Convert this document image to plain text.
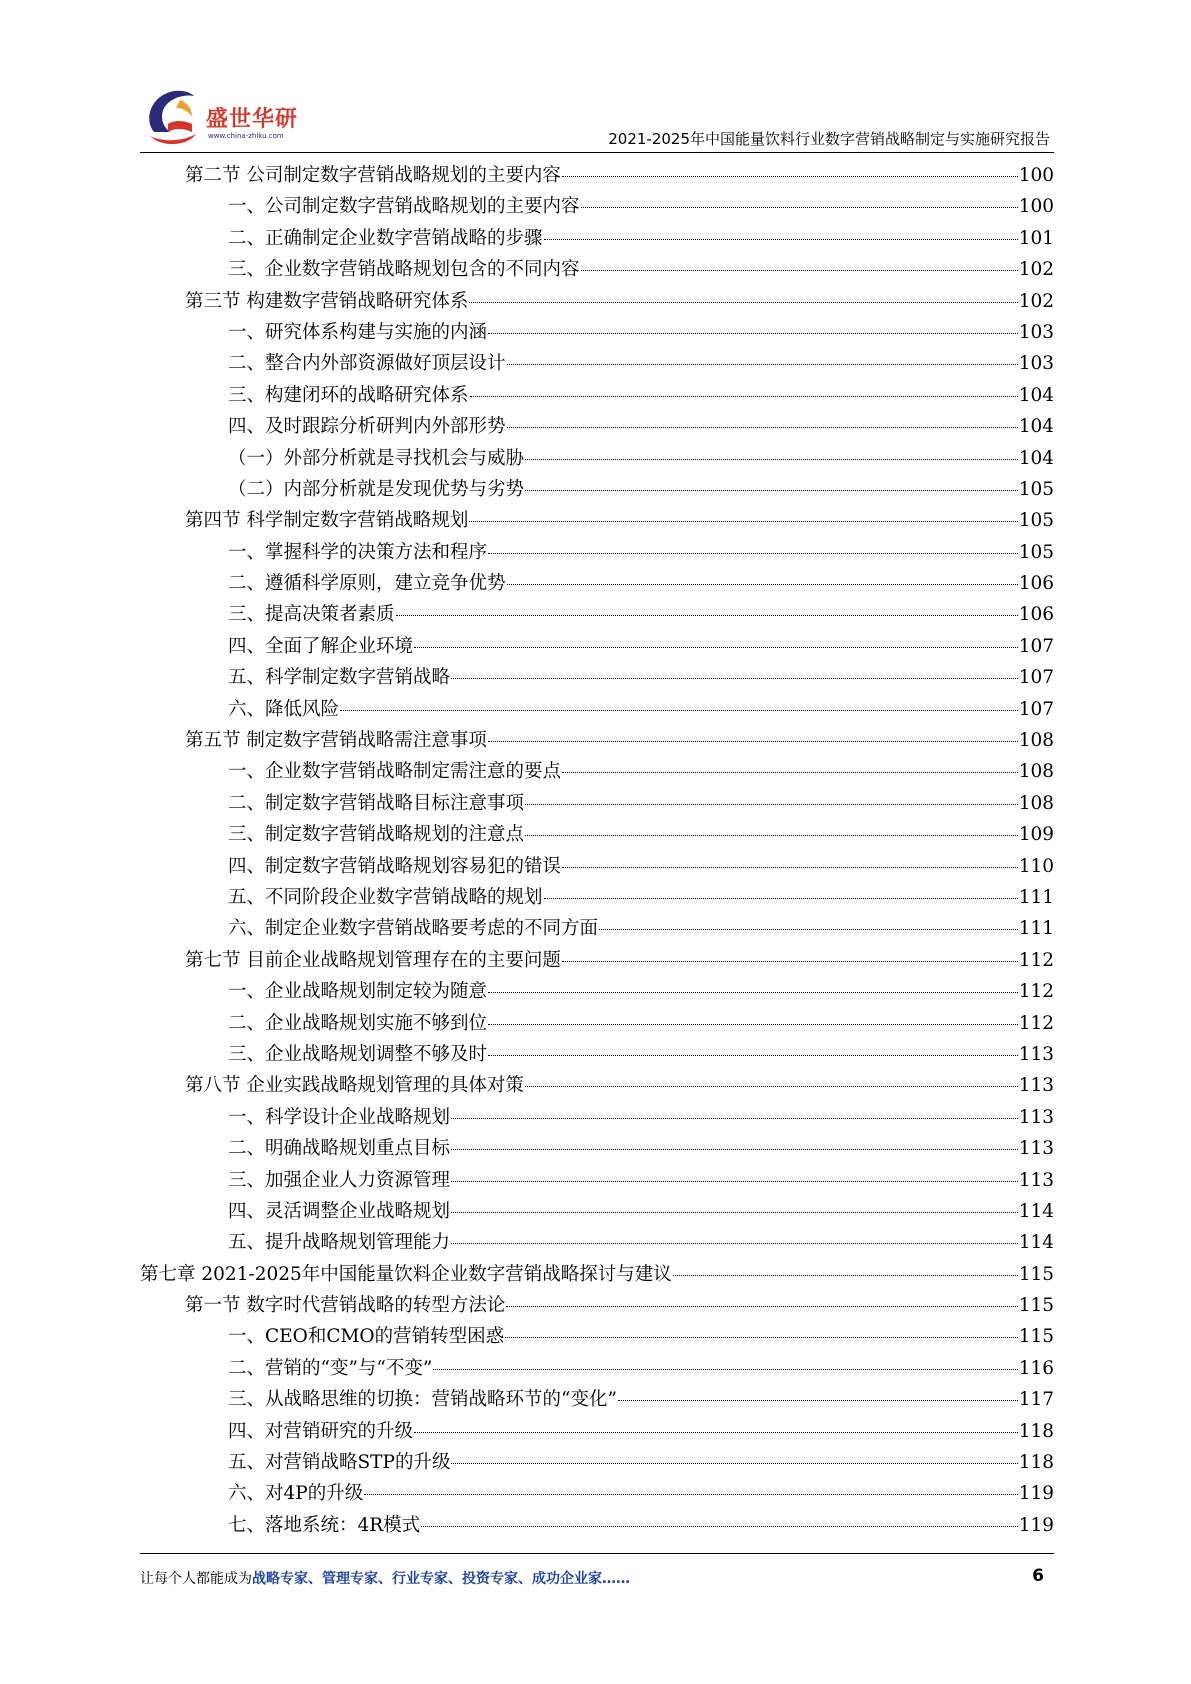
盛世华研
www.china-zhiku.com	2021-2025年中国能量饮料行业数字营销战略制定与实施研究报告
第二节 公司制定数字营销战略规划的主要内容	100
一、公司制定数字营销战略规划的主要内容	100
二、正确制定企业数字营销战略的步骤	101
三、企业数字营销战略规划包含的不同内容	102
第三节 构建数字营销战略研究体系	102
一、研究体系构建与实施的内涵	103
二、整合内外部资源做好顶层设计	103
三、构建闭环的战略研究体系	104
四、及时跟踪分析研判内外部形势	104
（一）外部分析就是寻找机会与威胁	104
（二）内部分析就是发现优势与劣势	105
第四节 科学制定数字营销战略规划	105
一、掌握科学的决策方法和程序	105
二、遵循科学原则，建立竞争优势	106
三、提高决策者素质	106
四、全面了解企业环境	107
五、科学制定数字营销战略	107
六、降低风险	107
第五节 制定数字营销战略需注意事项	108
一、企业数字营销战略制定需注意的要点	108
二、制定数字营销战略目标注意事项	108
三、制定数字营销战略规划的注意点	109
四、制定数字营销战略规划容易犯的错误	110
五、不同阶段企业数字营销战略的规划	111
六、制定企业数字营销战略要考虑的不同方面	111
第七节 目前企业战略规划管理存在的主要问题	112
一、企业战略规划制定较为随意	112
二、企业战略规划实施不够到位	112
三、企业战略规划调整不够及时	113
第八节 企业实践战略规划管理的具体对策	113
一、科学设计企业战略规划	113
二、明确战略规划重点目标	113
三、加强企业人力资源管理	113
四、灵活调整企业战略规划	114
五、提升战略规划管理能力	114
第七章 2021-2025年中国能量饮料企业数字营销战略探讨与建议	115
第一节 数字时代营销战略的转型方法论	115
一、CEO和CMO的营销转型困惑	115
二、营销的“变”与“不变”	116
三、从战略思维的切换：营销战略环节的“变化”	117
四、对营销研究的升级	118
五、对营销战略STP的升级	118
六、对4P的升级	119
七、落地系统：4R模式	119
让每个人都能成为战略专家、管理专家、行业专家、投资专家、成功企业家……	6
